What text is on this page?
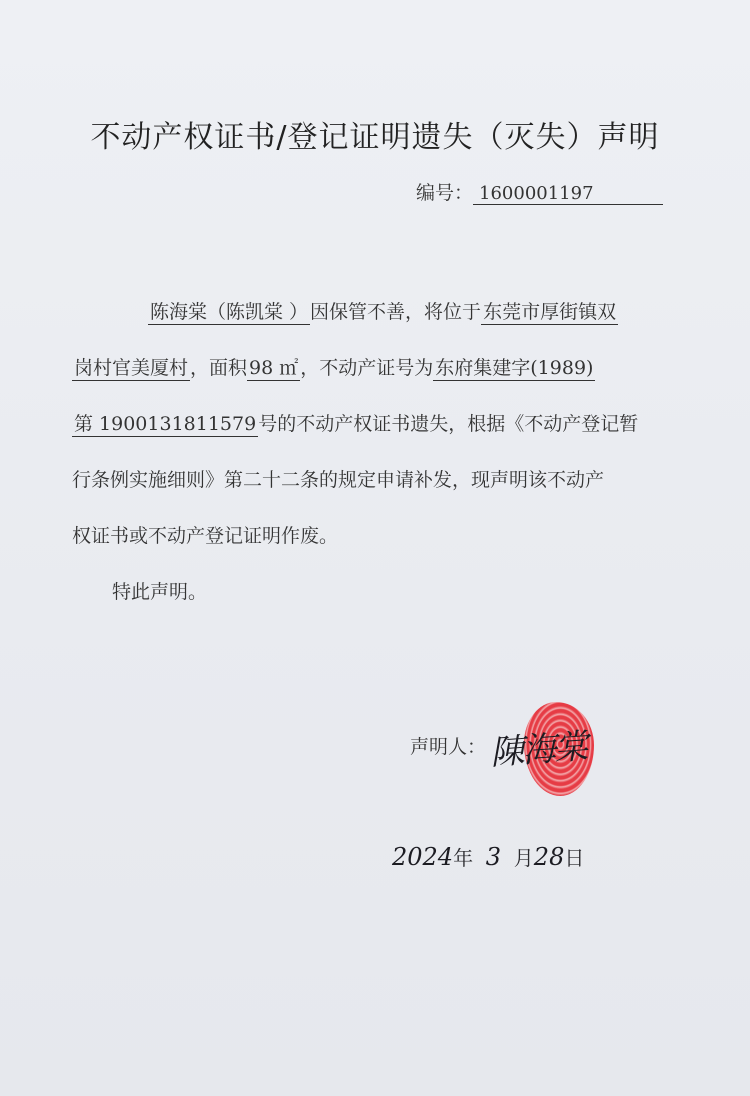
不动产权证书/登记证明遗失（灭失）声明
编号： 1600001197
陈海棠（陈凯棠 ） 因保管不善，将位于 东莞市厚街镇双
岗村官美厦村 ，面积 98 ㎡ ，不动产证号为东府集建字(1989)
第 1900131811579号的不动产权证书遗失，根据《不动产登记暂
行条例实施细则》第二十二条的规定申请补发，现声明该不动产
权证书或不动产登记证明作废。
特此声明。
声明人： 陳海棠
2024年 3 月28日
